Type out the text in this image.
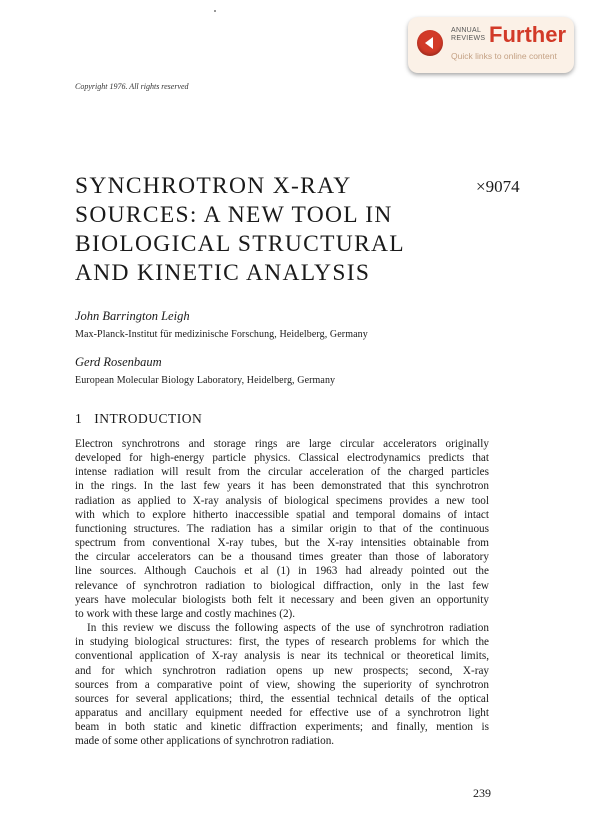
ANNUAL
REVIEWS Further
Quick links to online content
Copyright 1976. All rights reserved
SYNCHROTRON X-RAY
SOURCES: A NEW TOOL IN
BIOLOGICAL STRUCTURAL
AND KINETIC ANALYSIS
×9074
John Barrington Leigh
Max-Planck-Institut für medizinische Forschung, Heidelberg, Germany
Gerd Rosenbaum
European Molecular Biology Laboratory, Heidelberg, Germany
1 INTRODUCTION
Electron synchrotrons and storage rings are large circular accelerators originally
developed for high-energy particle physics. Classical electrodynamics predicts that
intense radiation will result from the circular acceleration of the charged particles
in the rings. In the last few years it has been demonstrated that this synchrotron
radiation as applied to X-ray analysis of biological specimens provides a new tool
with which to explore hitherto inaccessible spatial and temporal domains of intact
functioning structures. The radiation has a similar origin to that of the continuous
spectrum from conventional X-ray tubes, but the X-ray intensities obtainable from
the circular accelerators can be a thousand times greater than those of laboratory
line sources. Although Cauchois et al (1) in 1963 had already pointed out the
relevance of synchrotron radiation to biological diffraction, only in the last few
years have molecular biologists both felt it necessary and been given an opportunity
to work with these large and costly machines (2).
In this review we discuss the following aspects of the use of synchrotron radiation
in studying biological structures: first, the types of research problems for which the
conventional application of X-ray analysis is near its technical or theoretical limits,
and for which synchrotron radiation opens up new prospects; second, X-ray
sources from a comparative point of view, showing the superiority of synchrotron
sources for several applications; third, the essential technical details of the optical
apparatus and ancillary equipment needed for effective use of a synchrotron light
beam in both static and kinetic diffraction experiments; and finally, mention is
made of some other applications of synchrotron radiation.
239
